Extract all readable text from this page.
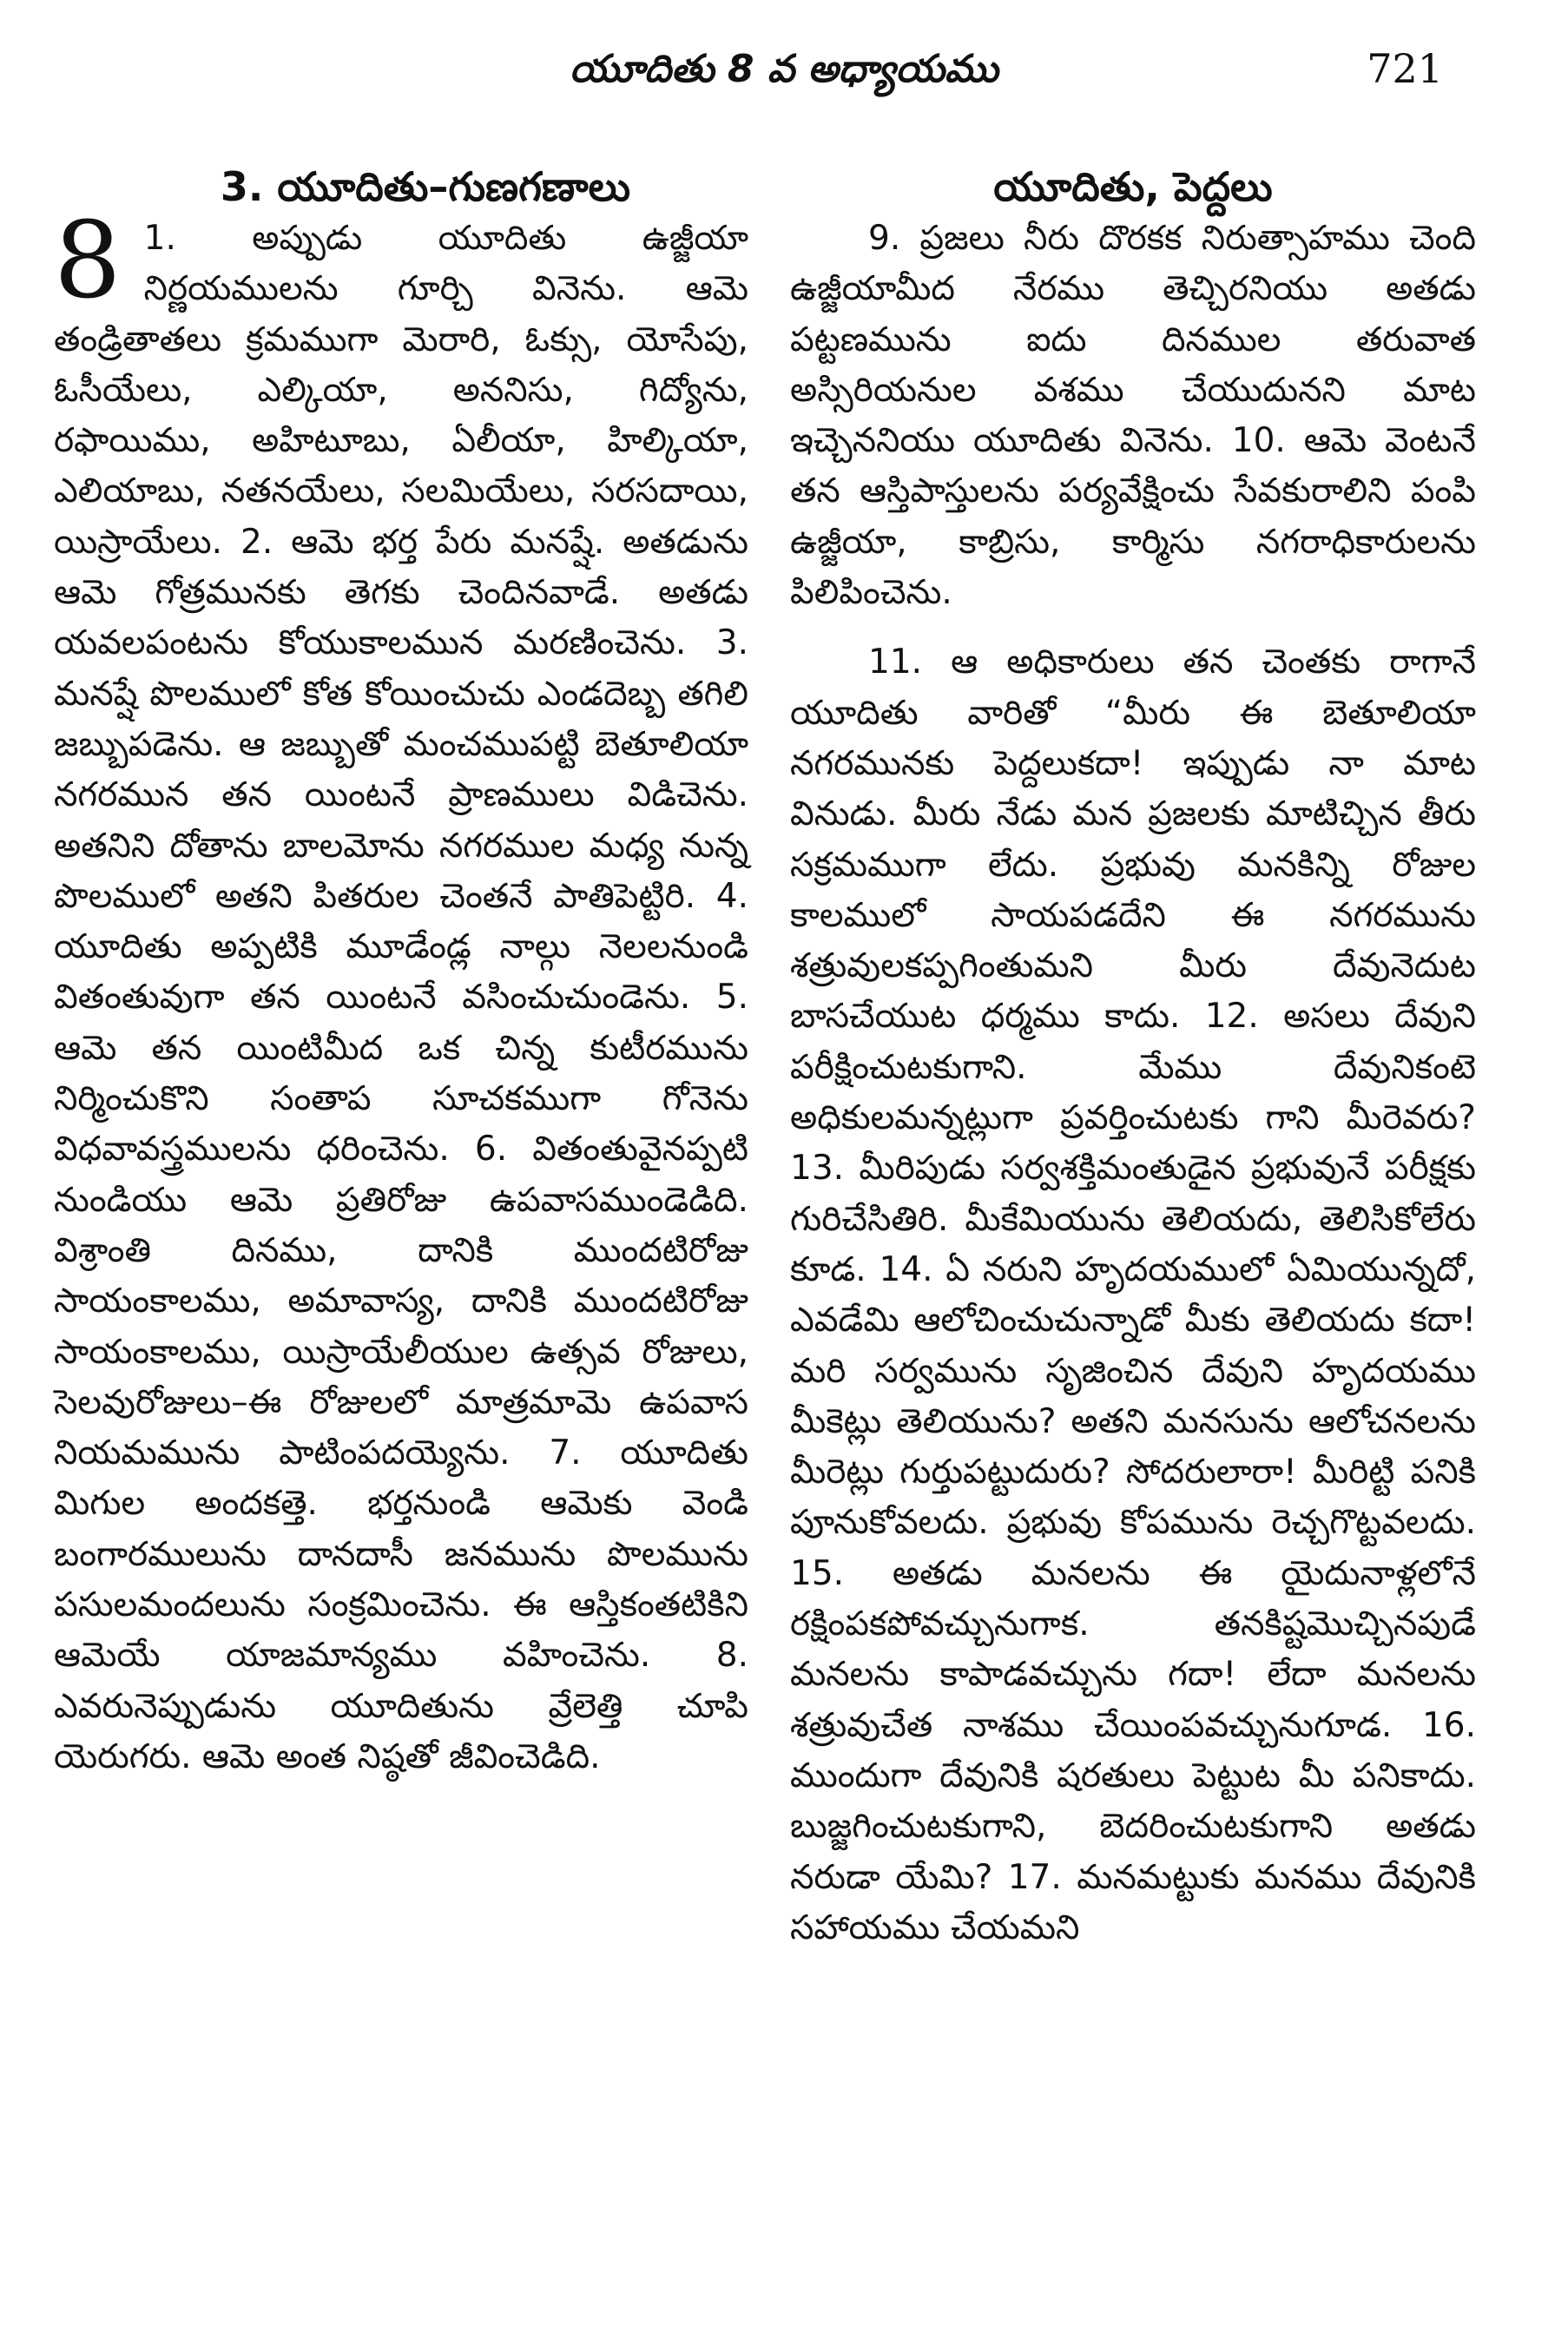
యూదితు 8 వ అధ్యాయము	721
3. యూదితు–గుణగణాలు

8 1. అప్పుడు యూదితు ఉజ్జీయా నిర్ణయములను గూర్చి వినెను. ఆమె తండ్రితాతలు క్రమముగా మెరారి, ఓక్సు, యోసేపు, ఓసీయేలు, ఎల్కియా, అననిసు, గిద్యోను, రఫాయిము, అహిటూబు, ఏలీయా, హిల్కియా, ఎలియాబు, నతనయేలు, సలమియేలు, సరసదాయి, యిస్రాయేలు. 2. ఆమె భర్త పేరు మనష్షే. అతడును ఆమె గోత్రమునకు తెగకు చెందినవాడే. అతడు యవలపంటను కోయుకాలమున మరణించెను. 3. మనష్షే పొలములో కోత కోయించుచు ఎండదెబ్బ తగిలి జబ్బుపడెను. ఆ జబ్బుతో మంచముపట్టి బెతూలియా నగరమున తన యింటనే ప్రాణములు విడిచెను. అతనిని దోతాను బాలమోను నగరముల మధ్య నున్న పొలములో అతని పితరుల చెంతనే పాతిపెట్టిరి. 4. యూదితు అప్పటికి మూడేండ్ల నాల్గు నెలలనుండి వితంతువుగా తన యింటనే వసించుచుండెను. 5. ఆమె తన యింటిమీద ఒక చిన్న కుటీరమును నిర్మించుకొని సంతాప సూచకముగా గోనెను విధవావస్త్రములను ధరించెను. 6. వితంతువైనప్పటి నుండియు ఆమె ప్రతిరోజు ఉపవాసముండెడిది. విశ్రాంతి దినము, దానికి ముందటిరోజు సాయంకాలము, అమావాస్య, దానికి ముందటిరోజు సాయంకాలము, యిస్రాయేలీయుల ఉత్సవ రోజులు, సెలవురోజులు–ఈ రోజులలో మాత్రమామె ఉపవాస నియమమును పాటింపదయ్యెను. 7. యూదితు మిగుల అందకత్తె. భర్తనుండి ఆమెకు వెండి బంగారములును దానదాసీ జనమును పొలమును పసులమందలును సంక్రమించెను. ఈ ఆస్తికంతటికిని ఆమెయే యాజమాన్యము వహించెను. 8. ఎవరునెప్పుడును యూదితును వ్రేలెత్తి చూపి యెరుగరు. ఆమె అంత నిష్ఠతో జీవించెడిది.

యూదితు, పెద్దలు

9. ప్రజలు నీరు దొరకక నిరుత్సాహము చెంది ఉజ్జీయామీద నేరము తెచ్చిరనియు అతడు పట్టణమును ఐదు దినముల తరువాత అస్సిరియనుల వశము చేయుదునని మాట ఇచ్చెననియు యూదితు వినెను. 10. ఆమె వెంటనే తన ఆస్తిపాస్తులను పర్యవేక్షించు సేవకురాలిని పంపి ఉజ్జీయా, కాబ్రిసు, కార్మిసు నగరాధికారులను పిలిపించెను.

11. ఆ అధికారులు తన చెంతకు రాగానే యూదితు వారితో “మీరు ఈ బెతూలియా నగరమునకు పెద్దలుకదా! ఇప్పుడు నా మాట వినుడు. మీరు నేడు మన ప్రజలకు మాటిచ్చిన తీరు సక్రమముగా లేదు. ప్రభువు మనకిన్ని రోజుల కాలములో సాయపడదేని ఈ నగరమును శత్రువులకప్పగింతుమని మీరు దేవునెదుట బాసచేయుట ధర్మము కాదు. 12. అసలు దేవుని పరీక్షించుటకుగాని. మేము దేవునికంటె అధికులమన్నట్లుగా ప్రవర్తించుటకు గాని మీరెవరు? 13. మీరిపుడు సర్వశక్తిమంతుడైన ప్రభువునే పరీక్షకు గురిచేసితిరి. మీకేమియును తెలియదు, తెలిసికోలేరు కూడ. 14. ఏ నరుని హృదయములో ఏమియున్నదో, ఎవడేమి ఆలోచించుచున్నాడో మీకు తెలియదు కదా! మరి సర్వమును సృజించిన దేవుని హృదయము మీకెట్లు తెలియును? అతని మనసును ఆలోచనలను మీరెట్లు గుర్తుపట్టుదురు? సోదరులారా! మీరిట్టి పనికి పూనుకోవలదు. ప్రభువు కోపమును రెచ్చగొట్టవలదు. 15. అతడు మనలను ఈ యైదునాళ్లలోనే రక్షింపకపోవచ్చునుగాక. తనకిష్టమొచ్చినపుడే మనలను కాపాడవచ్చును గదా! లేదా మనలను శత్రువుచేత నాశము చేయింపవచ్చునుగూడ. 16. ముందుగా దేవునికి షరతులు పెట్టుట మీ పనికాదు. బుజ్జగించుటకుగాని, బెదరించుటకుగాని అతడు నరుడా యేమి? 17. మనమట్టుకు మనము దేవునికి సహాయము చేయమని
